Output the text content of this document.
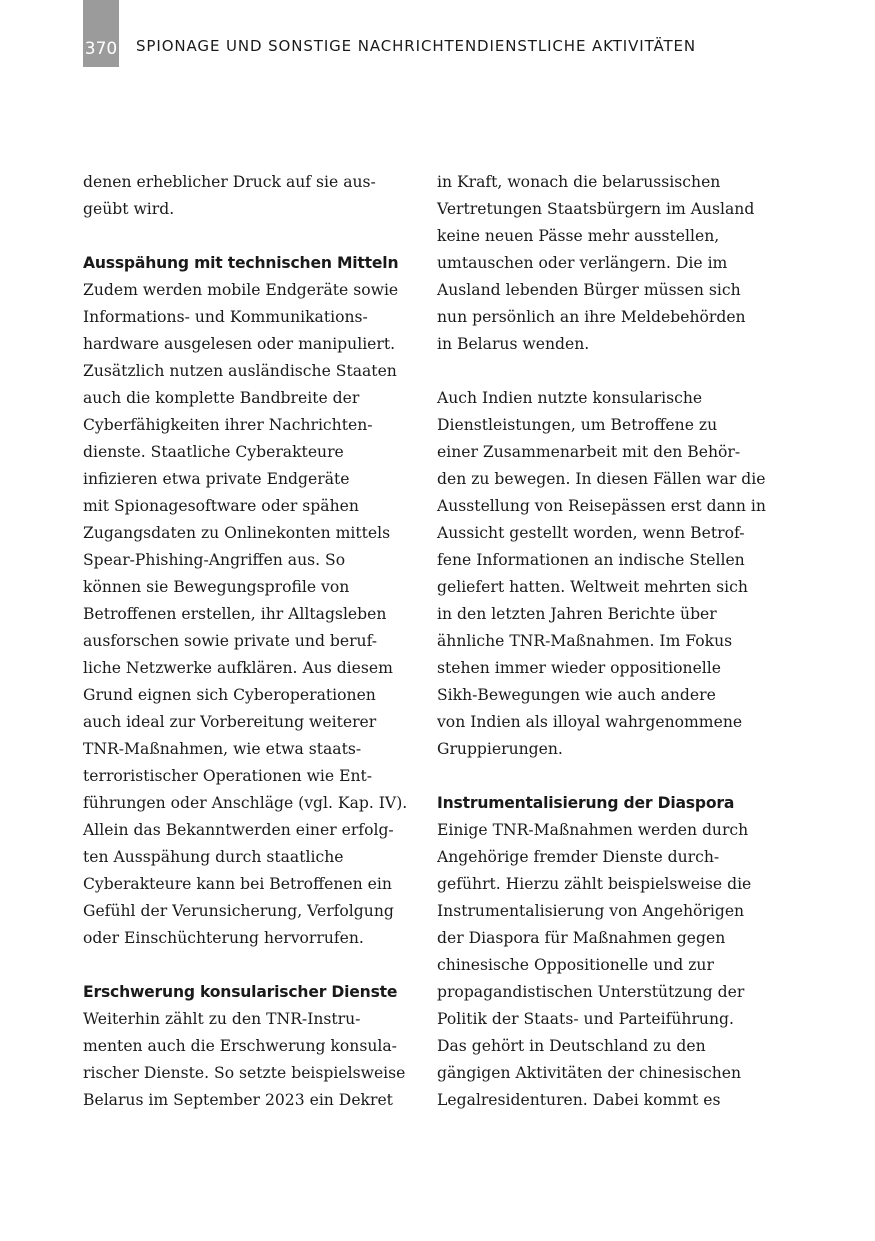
370 SPIONAGE UND SONSTIGE NACHRICHTENDIENSTLICHE AKTIVITÄTEN
denen erheblicher Druck auf sie aus-
geübt wird.
Ausspähung mit technischen Mitteln
Zudem werden mobile Endgeräte sowie
Informations- und Kommunikations-
hardware ausgelesen oder manipuliert.
Zusätzlich nutzen ausländische Staaten
auch die komplette Bandbreite der
Cyberfähigkeiten ihrer Nachrichten-
dienste. Staatliche Cyberakteure
infizieren etwa private Endgeräte
mit Spionagesoftware oder spähen
Zugangsdaten zu Onlinekonten mittels
Spear-Phishing-Angriffen aus. So
können sie Bewegungsprofile von
Betroffenen erstellen, ihr Alltagsleben
ausforschen sowie private und beruf-
liche Netzwerke aufklären. Aus diesem
Grund eignen sich Cyberoperationen
auch ideal zur Vorbereitung weiterer
TNR-Maßnahmen, wie etwa staats-
terroristischer Operationen wie Ent-
führungen oder Anschläge (vgl. Kap. IV).
Allein das Bekanntwerden einer erfolg-
ten Ausspähung durch staatliche
Cyberakteure kann bei Betroffenen ein
Gefühl der Verunsicherung, Verfolgung
oder Einschüchterung hervorrufen.
Erschwerung konsularischer Dienste
Weiterhin zählt zu den TNR-Instru-
menten auch die Erschwerung konsula-
rischer Dienste. So setzte beispielsweise
Belarus im September 2023 ein Dekret
in Kraft, wonach die belarussischen
Vertretungen Staatsbürgern im Ausland
keine neuen Pässe mehr ausstellen,
umtauschen oder verlängern. Die im
Ausland lebenden Bürger müssen sich
nun persönlich an ihre Meldebehörden
in Belarus wenden.
Auch Indien nutzte konsularische
Dienstleistungen, um Betroffene zu
einer Zusammenarbeit mit den Behör-
den zu bewegen. In diesen Fällen war die
Ausstellung von Reisepässen erst dann in
Aussicht gestellt worden, wenn Betrof-
fene Informationen an indische Stellen
geliefert hatten. Weltweit mehrten sich
in den letzten Jahren Berichte über
ähnliche TNR-Maßnahmen. Im Fokus
stehen immer wieder oppositionelle
Sikh-Bewegungen wie auch andere
von Indien als illoyal wahrgenommene
Gruppierungen.
Instrumentalisierung der Diaspora
Einige TNR-Maßnahmen werden durch
Angehörige fremder Dienste durch-
geführt. Hierzu zählt beispielsweise die
Instrumentalisierung von Angehörigen
der Diaspora für Maßnahmen gegen
chinesische Oppositionelle und zur
propagandistischen Unterstützung der
Politik der Staats- und Parteiführung.
Das gehört in Deutschland zu den
gängigen Aktivitäten der chinesischen
Legalresidenturen. Dabei kommt es
